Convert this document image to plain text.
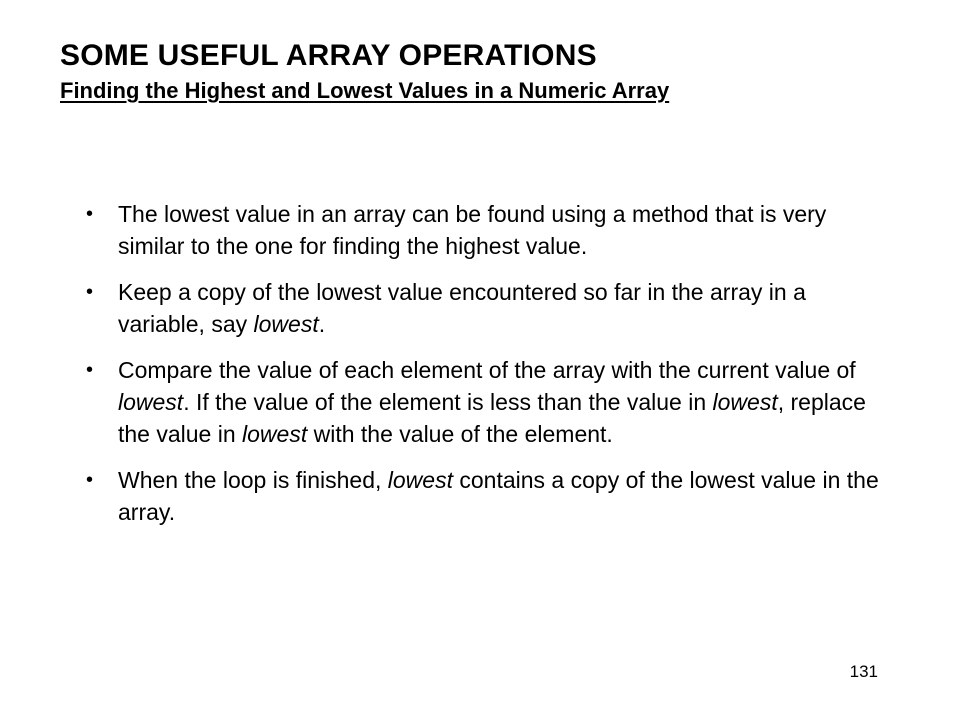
SOME USEFUL ARRAY OPERATIONS
Finding the Highest and Lowest Values in a Numeric Array
• The lowest value in an array can be found using a method that is very similar to the one for finding the highest value.
• Keep a copy of the lowest value encountered so far in the array in a variable, say lowest.
• Compare the value of each element of the array with the current value of lowest. If the value of the element is less than the value in lowest, replace the value in lowest with the value of the element.
• When the loop is finished, lowest contains a copy of the lowest value in the array.
131
